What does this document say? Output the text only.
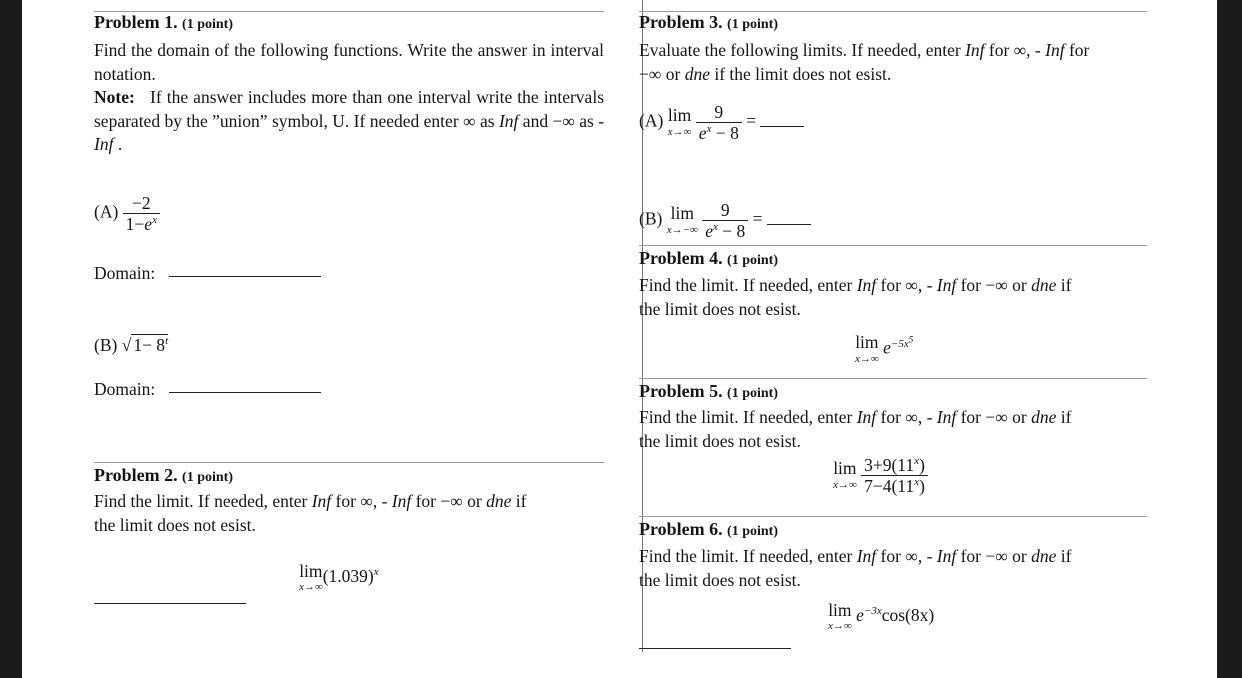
Problem 1. (1 point)
Find the domain of the following functions. Write the answer in interval notation.
Note: If the answer includes more than one interval write the intervals separated by the ”union” symbol, U. If needed enter ∞ as Inf and −∞ as -Inf .
$(A) \frac{-2}{1-e^x}$
Domain:
(B) √ $1- 8^t$
Domain:
Problem 2. (1 point)
Find the limit. If needed, enter Inf for ∞, - Inf for −∞ or dne if
the limit does not esist.
lim
x→∞
$(1.039)^x$
Problem 3. (1 point)
Evaluate the following limits. If needed, enter Inf for ∞, - Inf for
−∞ or dne if the limit does not esist.
(A) lim
x→∞
$\frac{9}{e^x - 8}$ =
(B) lim
x→−∞
$\frac{9}{e^x - 8}$ =
Problem 4. (1 point)
Find the limit. If needed, enter Inf for ∞, - Inf for −∞ or dne if
the limit does not esist.
lim
x→∞
$e^{-5x^5}$
Problem 5. (1 point)
Find the limit. If needed, enter Inf for ∞, - Inf for −∞ or dne if
the limit does not esist.
lim
x→∞
$\frac{3+9(11^x)}{7-4(11^x)}$
Problem 6. (1 point)
Find the limit. If needed, enter Inf for ∞, - Inf for −∞ or dne if
the limit does not esist.
lim
x→∞
$e^{-3x}\cos(8x)$
